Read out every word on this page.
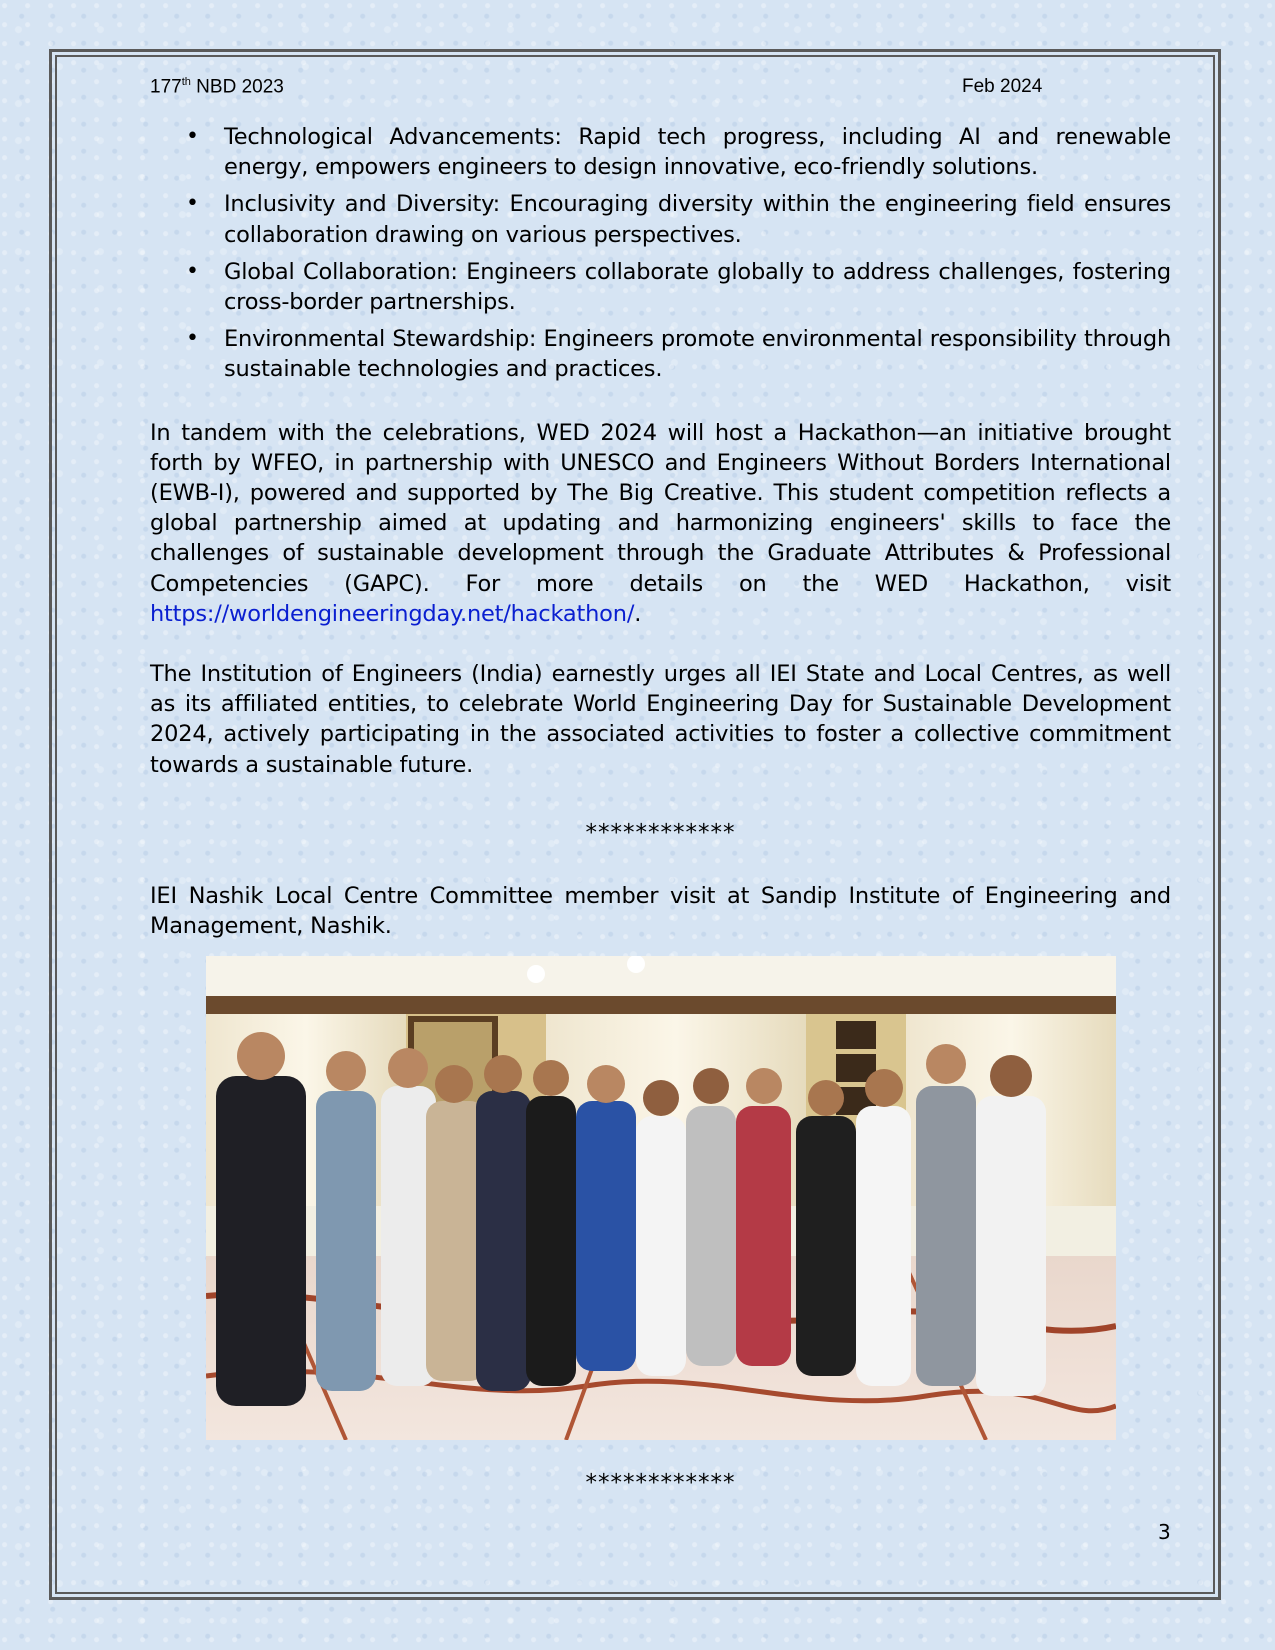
177th NBD 2023	Feb 2024
• Technological Advancements: Rapid tech progress, including AI and renewable energy, empowers engineers to design innovative, eco-friendly solutions.
• Inclusivity and Diversity: Encouraging diversity within the engineering field ensures collaboration drawing on various perspectives.
• Global Collaboration: Engineers collaborate globally to address challenges, fostering cross-border partnerships.
• Environmental Stewardship: Engineers promote environmental responsibility through sustainable technologies and practices.

In tandem with the celebrations, WED 2024 will host a Hackathon—an initiative brought forth by WFEO, in partnership with UNESCO and Engineers Without Borders International (EWB-I), powered and supported by The Big Creative. This student competition reflects a global partnership aimed at updating and harmonizing engineers' skills to face the challenges of sustainable development through the Graduate Attributes & Professional Competencies (GAPC). For more details on the WED Hackathon, visit https://worldengineeringday.net/hackathon/.

The Institution of Engineers (India) earnestly urges all IEI State and Local Centres, as well as its affiliated entities, to celebrate World Engineering Day for Sustainable Development 2024, actively participating in the associated activities to foster a collective commitment towards a sustainable future.

************

IEI Nashik Local Centre Committee member visit at Sandip Institute of Engineering and Management, Nashik.

************
3
